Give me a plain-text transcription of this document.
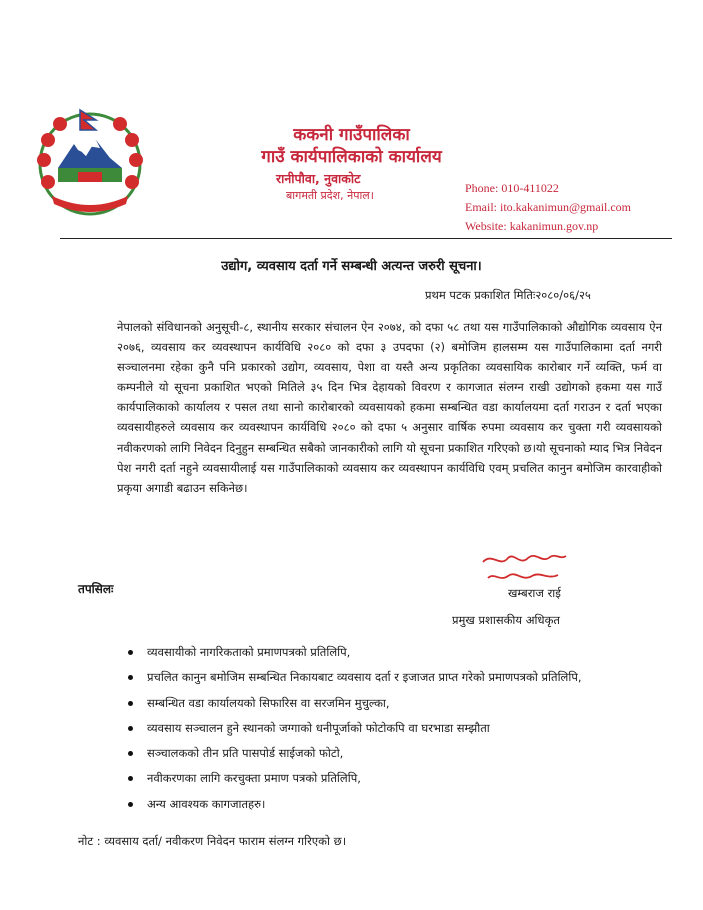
ककनी गाउँपालिका
गाउँ कार्यपालिकाको कार्यालय
रानीपौवा, नुवाकोट
बागमती प्रदेश, नेपाल।
Phone: 010-411022
Email: ito.kakanimun@gmail.com
Website: kakanimun.gov.np
उद्योग, व्यवसाय दर्ता गर्ने सम्बन्धी अत्यन्त जरुरी सूचना।
प्रथम पटक प्रकाशित मितिः२०८०/०६/२५
नेपालको संविधानको अनुसूची-८, स्थानीय सरकार संचालन ऐन २०७४, को दफा ५८ तथा यस गाउँपालिकाको औद्योगिक व्यवसाय ऐन २०७६, व्यवसाय कर व्यवस्थापन कार्यविधि २०८० को दफा ३ उपदफा (२) बमोजिम हालसम्म यस गाउँपालिकामा दर्ता नगरी सञ्चालनमा रहेका कुनै पनि प्रकारको उद्योग, व्यवसाय, पेशा वा यस्तै अन्य प्रकृतिका व्यवसायिक कारोबार गर्ने व्यक्ति, फर्म वा कम्पनीले यो सूचना प्रकाशित भएको मितिले ३५ दिन भित्र देहायको विवरण र कागजात संलग्न राखी उद्योगको हकमा यस गाउँ कार्यपालिकाको कार्यालय र पसल तथा सानो कारोबारको व्यवसायको हकमा सम्बन्धित वडा कार्यालयमा दर्ता गराउन र दर्ता भएका व्यवसायीहरुले व्यवसाय कर व्यवस्थापन कार्यविधि २०८० को दफा ५ अनुसार वार्षिक रुपमा व्यवसाय कर चुक्ता गरी व्यवसायको नवीकरणको लागि निवेदन दिनुहुन सम्बन्धित सबैको जानकारीको लागि यो सूचना प्रकाशित गरिएको छ।यो सूचनाको म्याद भित्र निवेदन पेश नगरी दर्ता नहुने व्यवसायीलाई यस गाउँपालिकाको व्यवसाय कर व्यवस्थापन कार्यविधि एवम् प्रचलित कानुन बमोजिम कारवाहीको प्रकृया अगाडी बढाउन सकिनेछ।
खम्बराज राई
प्रमुख प्रशासकीय अधिकृत
तपसिलः
व्यवसायीको नागरिकताको प्रमाणपत्रको प्रतिलिपि,
प्रचलित कानुन बमोजिम सम्बन्धित निकायबाट व्यवसाय दर्ता र इजाजत प्राप्त गरेको प्रमाणपत्रको प्रतिलिपि,
सम्बन्धित वडा कार्यालयको सिफारिस वा सरजमिन मुचुल्का,
व्यवसाय सञ्चालन हुने स्थानको जग्गाको धनीपूर्जाको फोटोकपि वा घरभाडा सम्झौता
सञ्चालकको तीन प्रति पासपोर्ड साईजको फोटो,
नवीकरणका लागि करचुक्ता प्रमाण पत्रको प्रतिलिपि,
अन्य आवश्यक कागजातहरु।
नोट : व्यवसाय दर्ता/ नवीकरण निवेदन फाराम संलग्न गरिएको छ।
